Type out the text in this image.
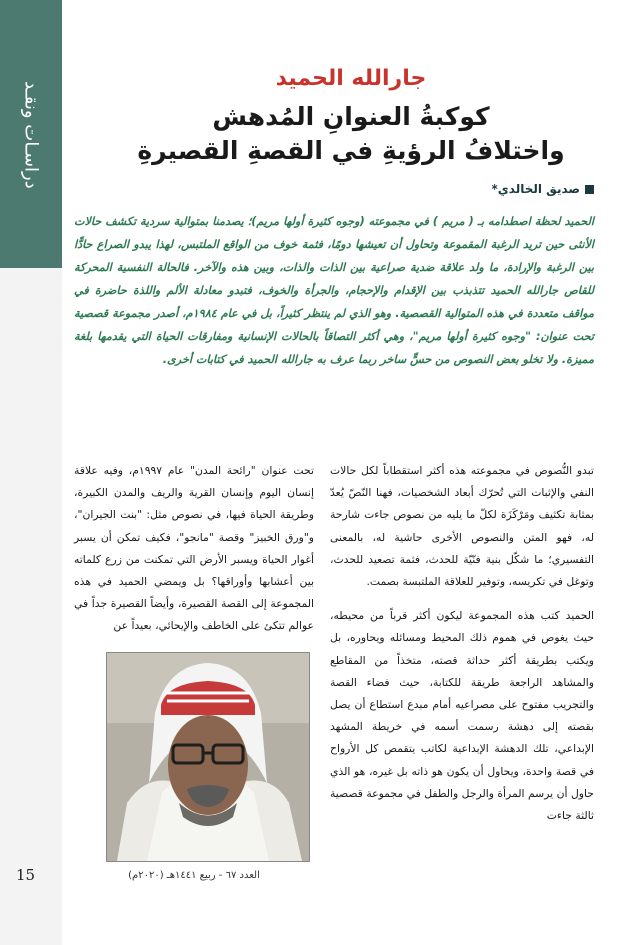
دراسـات ونقـد
15
جارالله الحميد
كوكبةُ العنوانِ المُدهش
واختلافُ الرؤيةِ في القصةِ القصيرةِ
صديق الخالدي*
الحميد لحظة اصطدامه بـ ( مريم ) في مجموعته (وجوه كثيرة أولها مريم)؛ يصدمنا بمتوالية سردية تكشف حالات الأنثى حين تريد الرغبة المقموعة وتحاول أن تعيشها دومًا، فثمة خوف من الواقع الملتبس، لهذا يبدو الصراع حادًّا بين الرغبة والإرادة، ما ولد علاقة ضدية صراعية بين الذات والذات، وبين هذه والآخر. فالحالة النفسية المحركة للقاص جارالله الحميد تتذبذب بين الإقدام والإحجام، والجرأة والخوف، فتبدو معادلة الألم واللذة حاضرة في مواقف متعددة في هذه المتوالية القصصية. وهو الذي لم ينتظر كثيراً، بل في عام ١٩٨٤م، أصدر مجموعة قصصية تحت عنوان: "وجوه كثيرة أولها مريم"، وهي أكثر التصاقاً بالحالات الإنسانية ومفارقات الحياة التي يقدمها بلغة مميزة. ولا تخلو بعض النصوص من حسٍّ ساخر ربما عرف به جارالله الحميد في كتابات أخرى.

تبدو النُّصوص في مجموعته هذه أكثر استقطاباً لكل حالات النفي والإثبات التي تُحرّك أبعاد الشخصيات، فهنا النّصّ يُعدّ بمثابة تكثيف ومَرْكَزَة لكلّ ما يليه من نصوص جاءت شارحة له، فهو المتن والنصوص الأخرى حاشية له، بالمعنى التفسيري؛ ما شكّل بنية فنّيّة للحدث، فثمة تصعيد للحدث، وتوغل في تكريسه، وتوفير للعلاقة الملتبسة بصمت.

الحميد كتب هذه المجموعة ليكون أكثر قرباً من محيطه، حيث يغوص في هموم ذلك المحيط ومسائله ويحاوره، بل ويكتب بطريقة أكثر حداثة قصته، متخذاً من المقاطع والمشاهد الراجعة طريقة للكتابة، حيث فضاء القصة والتجريب مفتوح على مصراعيه أمام مبدع استطاع أن يصل بقصته إلى دهشة رسمت أسمه في خريطة المشهد الإبداعي، تلك الدهشة الإبداعية لكاتب يتقمص كل الأرواح في قصة واحدة، ويحاول أن يكون هو ذاته بل غيره، هو الذي حاول أن يرسم المرأة والرجل والطفل في مجموعة قصصية ثالثة جاءت

تحت عنوان "رائحة المدن" عام ١٩٩٧م، وفيه علاقة إنسان اليوم وإنسان القرية والريف والمدن الكبيرة، وطريقة الحياة فيها، في نصوص مثل: "بنت الجيران"، و"ورق الخبيز" وقصة "مانجو"، فكيف تمكن أن يسبر أغوار الحياة ويسبر الأرض التي تمكنت من زرع كلماته بين أعشابها وأوراقها؟ بل ويمضي الحميد في هذه المجموعة إلى القصة القصيرة، وأيضاً القصيرة جداً في عوالم تتكئ على الخاطف والإيحائي، بعيداً عن

العدد ٦٧ - ربيع ١٤٤١هـ (٢٠٢٠م)
